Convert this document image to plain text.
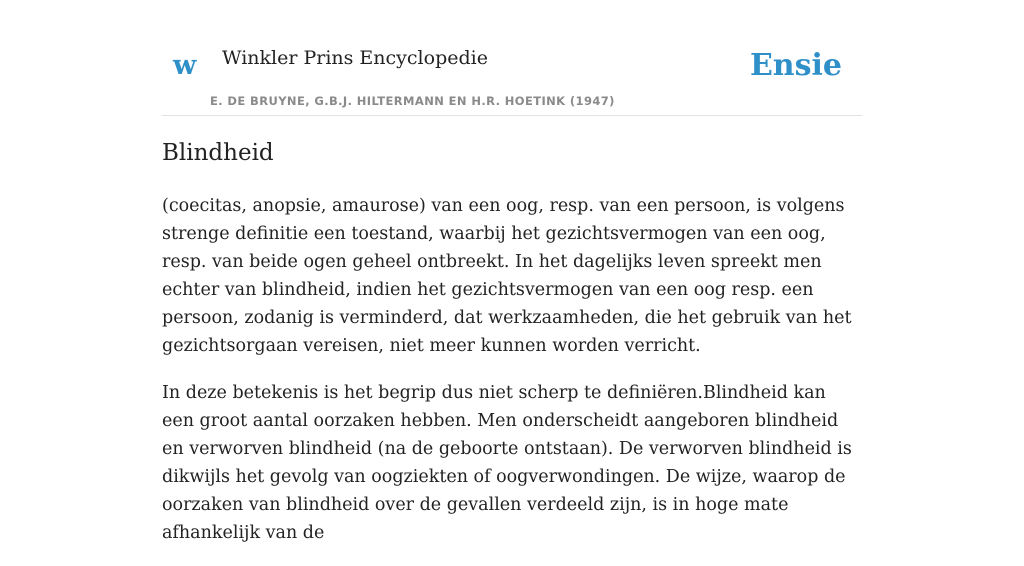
w Winkler Prins Encyclopedie
E. DE BRUYNE, G.B.J. HILTERMANN EN H.R. HOETINK (1947)
Ensie
Blindheid

(coecitas, anopsie, amaurose) van een oog, resp. van een persoon, is volgens strenge definitie een toestand, waarbij het gezichtsvermogen van een oog, resp. van beide ogen geheel ontbreekt. In het dagelijks leven spreekt men echter van blindheid, indien het gezichtsvermogen van een oog resp. een persoon, zodanig is verminderd, dat werkzaamheden, die het gebruik van het gezichtsorgaan vereisen, niet meer kunnen worden verricht.

In deze betekenis is het begrip dus niet scherp te definiëren.Blindheid kan een groot aantal oorzaken hebben. Men onderscheidt aangeboren blindheid en verworven blindheid (na de geboorte ontstaan). De verworven blindheid is dikwijls het gevolg van oogziekten of oogverwondingen. De wijze, waarop de oorzaken van blindheid over de gevallen verdeeld zijn, is in hoge mate afhankelijk van de
